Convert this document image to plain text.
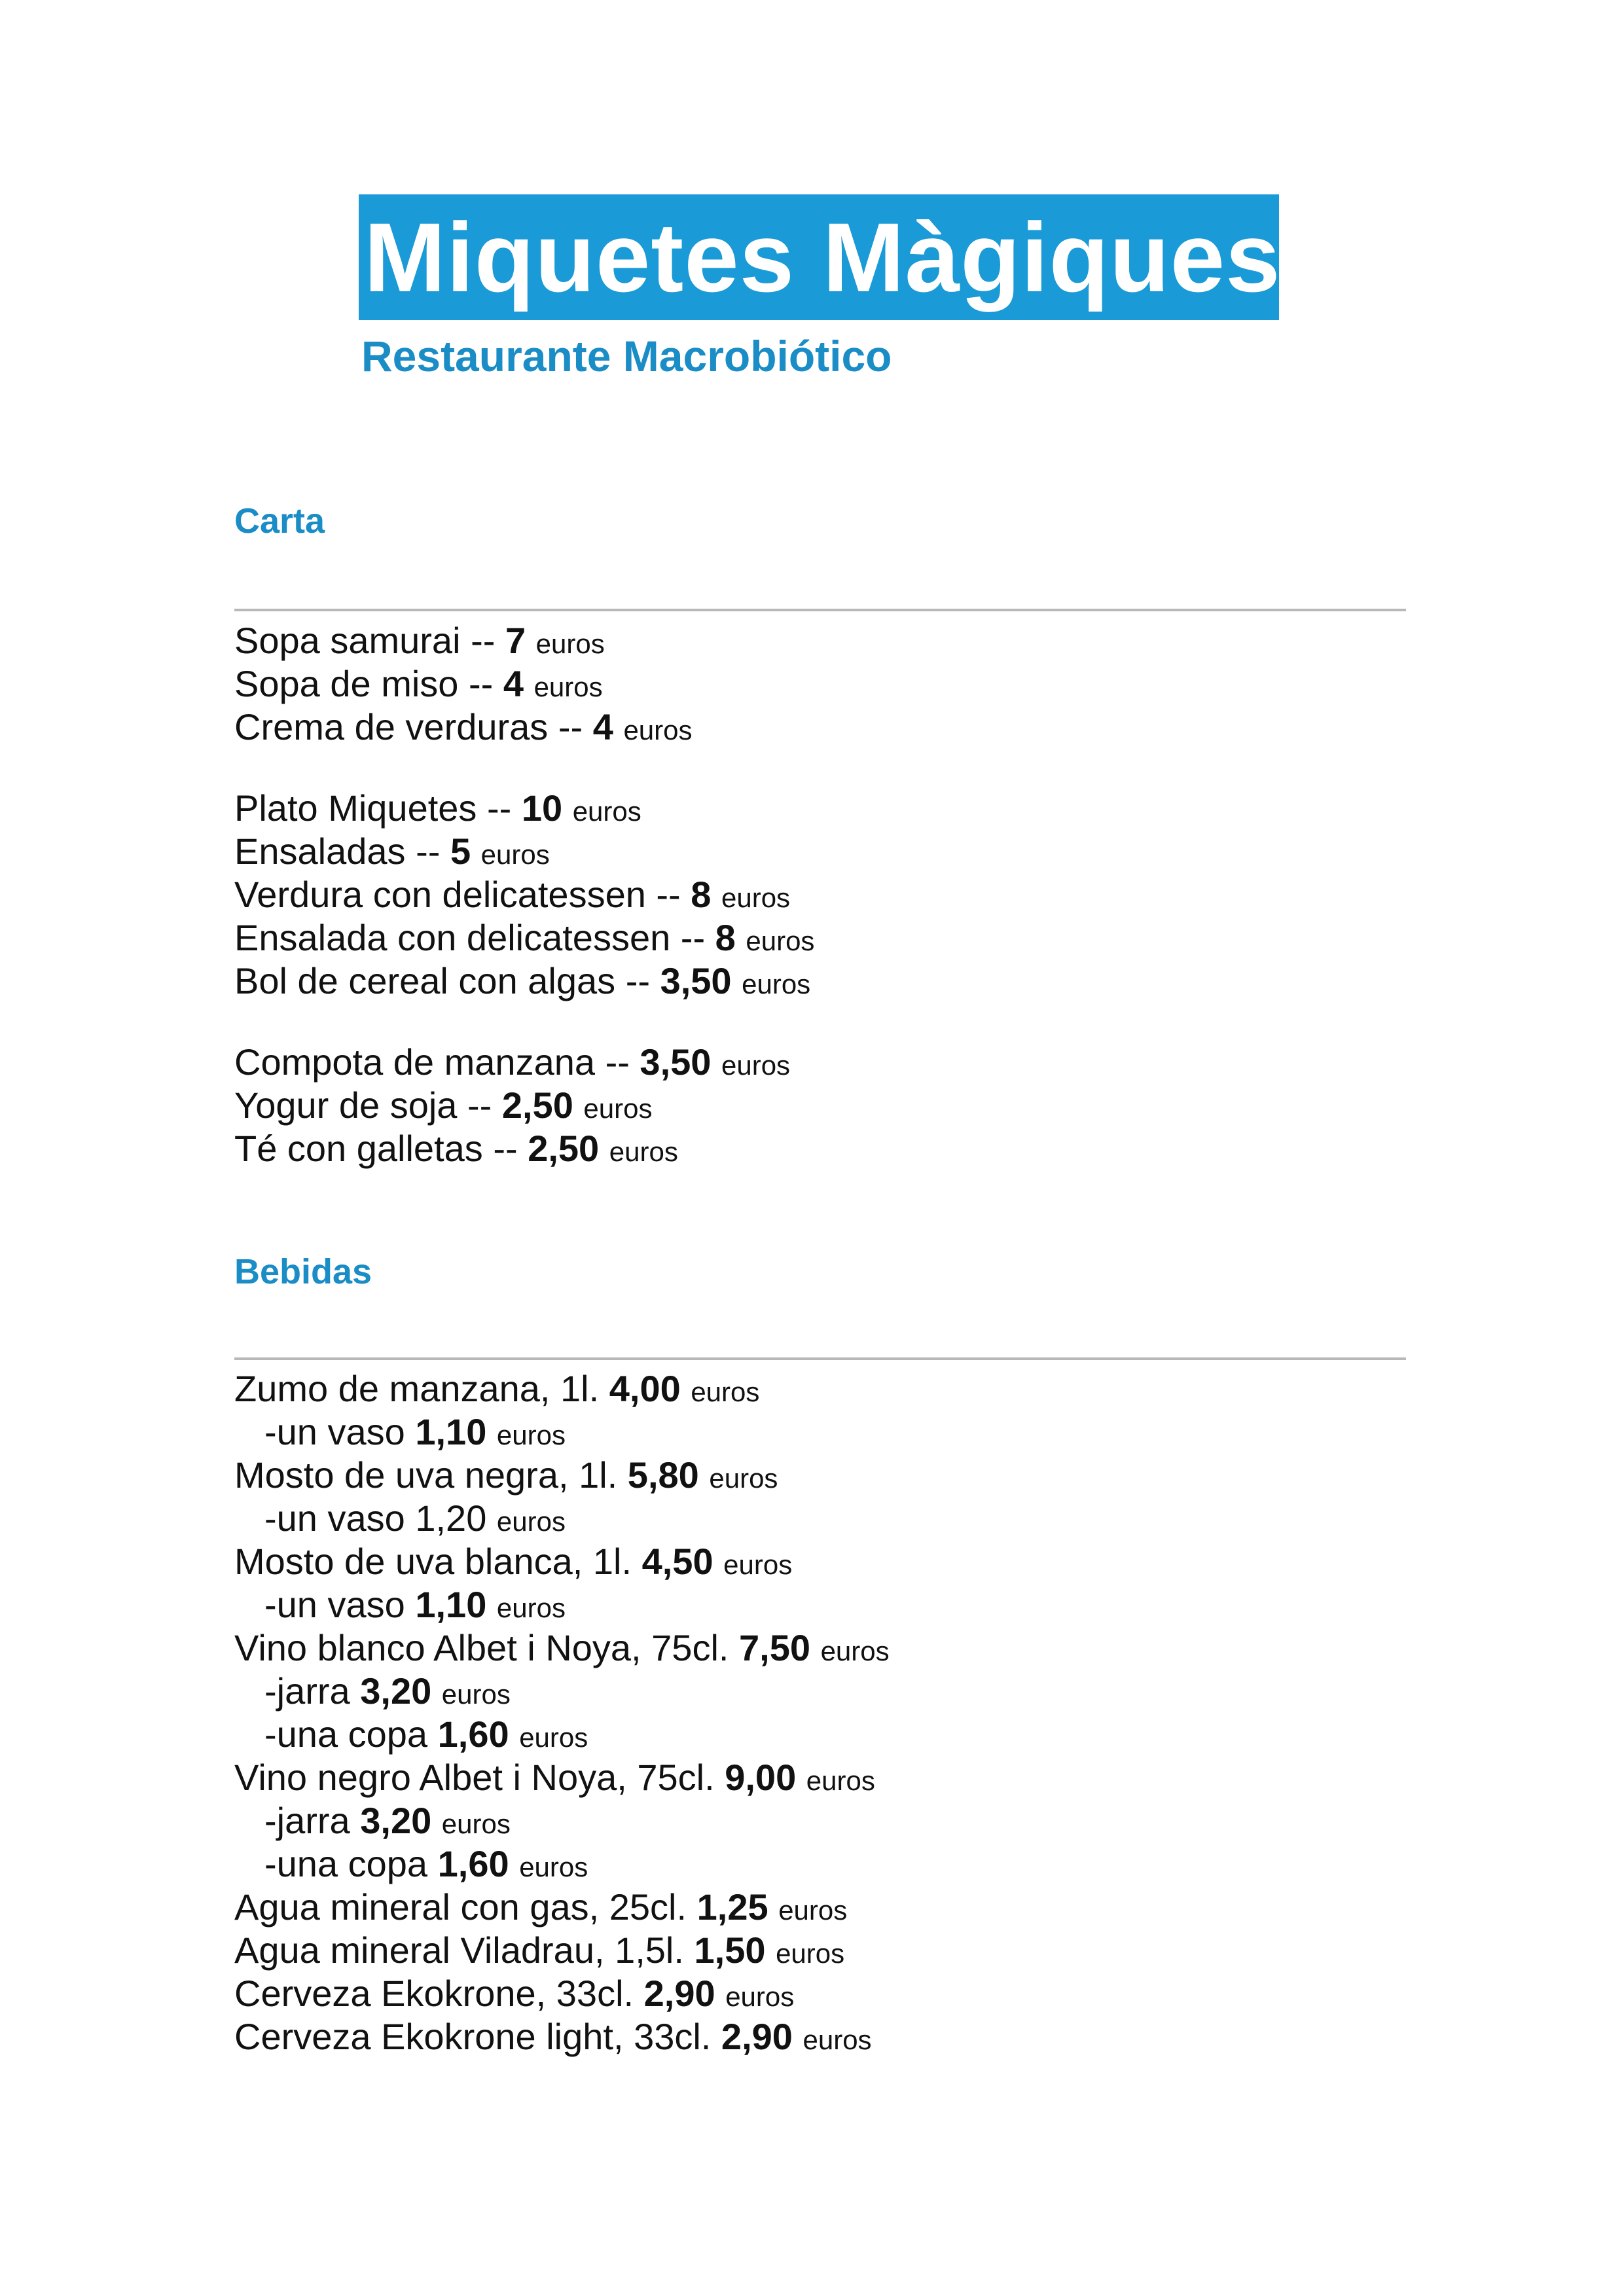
Miquetes Màgiques
Restaurante Macrobiótico
Carta
Sopa samurai -- 7 euros
Sopa de miso -- 4 euros
Crema de verduras -- 4 euros
Plato Miquetes -- 10 euros
Ensaladas -- 5 euros
Verdura con delicatessen -- 8 euros
Ensalada con delicatessen -- 8 euros
Bol de cereal con algas -- 3,50 euros
Compota de manzana -- 3,50 euros
Yogur de soja -- 2,50 euros
Té con galletas -- 2,50 euros
Bebidas
Zumo de manzana, 1l. 4,00 euros
-un vaso 1,10 euros
Mosto de uva negra, 1l. 5,80 euros
-un vaso 1,20 euros
Mosto de uva blanca, 1l. 4,50 euros
-un vaso 1,10 euros
Vino blanco Albet i Noya, 75cl. 7,50 euros
-jarra 3,20 euros
-una copa 1,60 euros
Vino negro Albet i Noya, 75cl. 9,00 euros
-jarra 3,20 euros
-una copa 1,60 euros
Agua mineral con gas, 25cl. 1,25 euros
Agua mineral Viladrau, 1,5l. 1,50 euros
Cerveza Ekokrone, 33cl. 2,90 euros
Cerveza Ekokrone light, 33cl. 2,90 euros
